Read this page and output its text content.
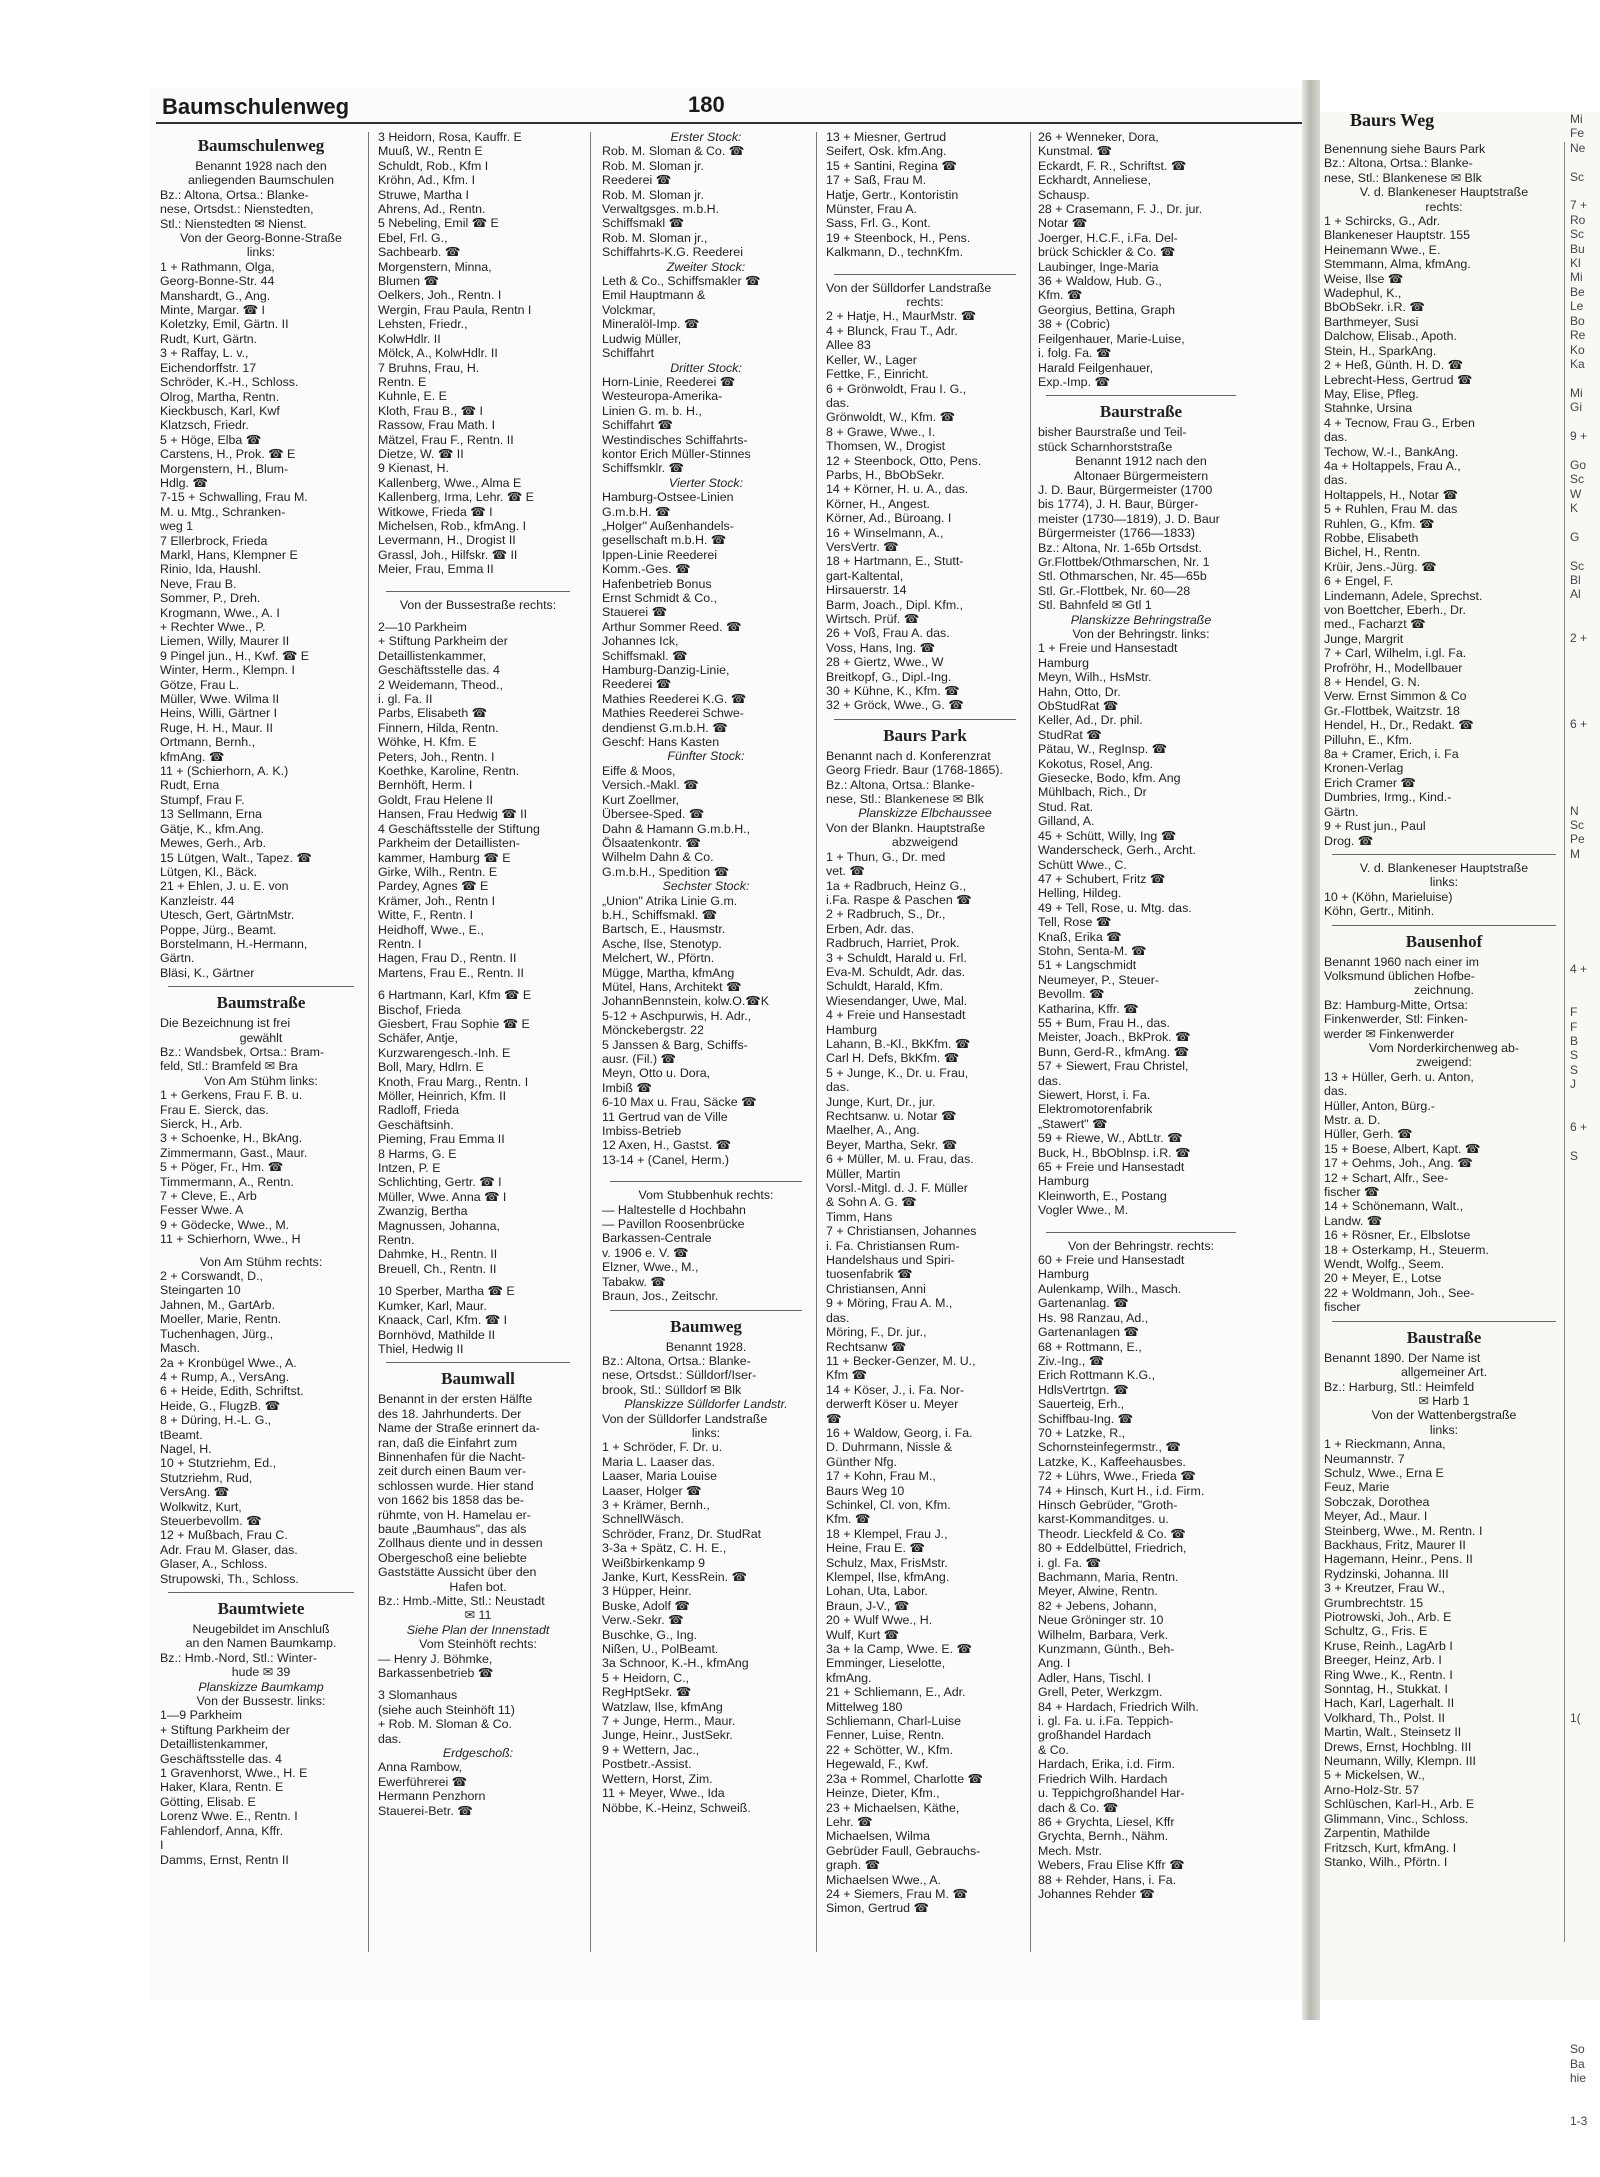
Baumschulenweg	180
Baumschulenweg
Benannt 1928 nach den
anliegenden Baumschulen
Bz.: Altona, Ortsa.: Blanke-
nese, Ortsdst.: Nienstedten,
Stl.: Nienstedten ✉ Nienst.
Von der Georg-Bonne-Straße
links:
1 + Rathmann, Olga,
Georg-Bonne-Str. 44
Manshardt, G., Ang.
Minte, Margar. ☎ I
Koletzky, Emil, Gärtn. II
Rudt, Kurt, Gärtn.
3 + Raffay, L. v.,
Eichendorffstr. 17
Schröder, K.-H., Schloss.
Olrog, Martha, Rentn.
Kieckbusch, Karl, Kwf
Klatzsch, Friedr.
5 + Höge, Elba ☎
Carstens, H., Prok. ☎ E
Morgenstern, H., Blum-
Hdlg. ☎
7-15 + Schwalling, Frau M.
M. u. Mtg., Schranken-
weg 1
7 Ellerbrock, Frieda
Markl, Hans, Klempner E
Rinio, Ida, Haushl.
Neve, Frau B.
Sommer, P., Dreh.
Krogmann, Wwe., A. I
+ Rechter Wwe., P.
Liemen, Willy, Maurer II
9 Pingel jun., H., Kwf. ☎ E
Winter, Herm., Klempn. I
Götze, Frau L.
Müller, Wwe. Wilma II
Heins, Willi, Gärtner I
Ruge, H. H., Maur. II
Ortmann, Bernh.,
kfmAng. ☎
11 + (Schierhorn, A. K.)
Rudt, Erna
Stumpf, Frau F.
13 Sellmann, Erna
Gätje, K., kfm.Ang.
Mewes, Gerh., Arb.
15 Lütgen, Walt., Tapez. ☎
Lütgen, Kl., Bäck.
21 + Ehlen, J. u. E. von
Kanzleistr. 44
Utesch, Gert, GärtnMstr.
Poppe, Jürg., Beamt.
Borstelmann, H.-Hermann,
Gärtn.
Bläsi, K., Gärtner
Baumstraße
Die Bezeichnung ist frei
gewählt
Bz.: Wandsbek, Ortsa.: Bram-
feld, Stl.: Bramfeld ✉ Bra
Von Am Stühm links:
1 + Gerkens, Frau F. B. u.
Frau E. Sierck, das.
Sierck, H., Arb.
3 + Schoenke, H., BkAng.
Zimmermann, Gast., Maur.
5 + Pöger, Fr., Hm. ☎
Timmermann, A., Rentn.
7 + Cleve, E., Arb
Fesser Wwe. A
9 + Gödecke, Wwe., M.
11 + Schierhorn, Wwe., H
Von Am Stühm rechts:
2 + Corswandt, D.,
Steingarten 10
Jahnen, M., GartArb.
Moeller, Marie, Rentn.
Tuchenhagen, Jürg.,
Masch.
2a + Kronbügel Wwe., A.
4 + Rump, A., VersAng.
6 + Heide, Edith, Schriftst.
Heide, G., FlugzB. ☎
8 + Düring, H.-L. G.,
tBeamt.
Nagel, H.
10 + Stutzriehm, Ed.,
Stutzriehm, Rud,
VersAng. ☎
Wolkwitz, Kurt,
Steuerbevollm. ☎
12 + Mußbach, Frau C.
Adr. Frau M. Glaser, das.
Glaser, A., Schloss.
Strupowski, Th., Schloss.
Baumtwiete
Neugebildet im Anschluß
an den Namen Baumkamp.
Bz.: Hmb.-Nord, Stl.: Winter-
hude ✉ 39
Planskizze Baumkamp
Von der Bussestr. links:
1—9 Parkheim
+ Stiftung Parkheim der
Detaillistenkammer,
Geschäftsstelle das. 4
1 Gravenhorst, Wwe., H. E
Haker, Klara, Rentn. E
Götting, Elisab. E
Lorenz Wwe. E., Rentn. I
Fahlendorf, Anna, Kffr.
I
Damms, Ernst, Rentn II
3 Heidorn, Rosa, Kauffr. E
Muuß, W., Rentn E
Schuldt, Rob., Kfm I
Kröhn, Ad., Kfm. I
Struwe, Martha I
Ahrens, Ad., Rentn.
5 Nebeling, Emil ☎ E
Ebel, Frl. G.,
Sachbearb. ☎
Morgenstern, Minna,
Blumen ☎
Oelkers, Joh., Rentn. I
Wergin, Frau Paula, Rentn I
Lehsten, Friedr.,
KolwHdlr. II
Mölck, A., KolwHdlr. II
7 Bruhns, Frau, H.
Rentn. E
Kuhnle, E. E
Kloth, Frau B., ☎ I
Rassow, Frau Math. I
Mätzel, Frau F., Rentn. II
Dietze, W. ☎ II
9 Kienast, H.
Kallenberg, Wwe., Alma E
Kallenberg, Irma, Lehr. ☎ E
Witkowe, Frieda ☎ I
Michelsen, Rob., kfmAng. I
Levermann, H., Drogist II
Grassl, Joh., Hilfskr. ☎ II
Meier, Frau, Emma II
Von der Bussestraße rechts:
2—10 Parkheim
+ Stiftung Parkheim der
Detaillistenkammer,
Geschäftsstelle das. 4
2 Weidemann, Theod.,
i. gl. Fa. II
Parbs, Elisabeth ☎
Finnern, Hilda, Rentn.
Wöhke, H. Kfm. E
Peters, Joh., Rentn. I
Koethke, Karoline, Rentn.
Bernhöft, Herm. I
Goldt, Frau Helene II
Hansen, Frau Hedwig ☎ II
4 Geschäftsstelle der Stiftung
Parkheim der Detaillisten-
kammer, Hamburg ☎ E
Girke, Wilh., Rentn. E
Pardey, Agnes ☎ E
Krämer, Joh., Rentn I
Witte, F., Rentn. I
Heidhoff, Wwe., E.,
Rentn. I
Hagen, Frau D., Rentn. II
Martens, Frau E., Rentn. II
6 Hartmann, Karl, Kfm ☎ E
Bischof, Frieda
Giesbert, Frau Sophie ☎ E
Schäfer, Antje,
Kurzwarengesch.-Inh. E
Boll, Mary, Hdlrn. E
Knoth, Frau Marg., Rentn. I
Möller, Heinrich, Kfm. II
Radloff, Frieda
Geschäftsinh.
Pieming, Frau Emma II
8 Harms, G. E
Intzen, P. E
Schlichting, Gertr. ☎ I
Müller, Wwe. Anna ☎ I
Zwanzig, Bertha
Magnussen, Johanna,
Rentn.
Dahmke, H., Rentn. II
Breuell, Ch., Rentn. II
10 Sperber, Martha ☎ E
Kumker, Karl, Maur.
Knaack, Carl, Kfm. ☎ I
Bornhövd, Mathilde II
Thiel, Hedwig II
Baumwall
Benannt in der ersten Hälfte
des 18. Jahrhunderts. Der
Name der Straße erinnert da-
ran, daß die Einfahrt zum
Binnenhafen für die Nacht-
zeit durch einen Baum ver-
schlossen wurde. Hier stand
von 1662 bis 1858 das be-
rühmte, von H. Hamelau er-
baute „Baumhaus", das als
Zollhaus diente und in dessen
Obergeschoß eine beliebte
Gaststätte Aussicht über den
Hafen bot.
Bz.: Hmb.-Mitte, Stl.: Neustadt
✉ 11
Siehe Plan der Innenstadt
Vom Steinhöft rechts:
— Henry J. Böhmke,
Barkassenbetrieb ☎
3 Slomanhaus
(siehe auch Steinhöft 11)
+ Rob. M. Sloman & Co.
das.
Erdgeschoß:
Anna Rambow,
Ewerführerei ☎
Hermann Penzhorn
Stauerei-Betr. ☎
Erster Stock:
Rob. M. Sloman & Co. ☎
Rob. M. Sloman jr.
Reederei ☎
Rob. M. Sloman jr.
Verwaltgsges. m.b.H.
Schiffsmakl ☎
Rob. M. Sloman jr.,
Schiffahrts-K.G. Reederei
Zweiter Stock:
Leth & Co., Schiffsmakler ☎
Emil Hauptmann &
Volckmar,
Mineralöl-Imp. ☎
Ludwig Müller,
Schiffahrt
Dritter Stock:
Horn-Linie, Reederei ☎
Westeuropa-Amerika-
Linien G. m. b. H.,
Schiffahrt ☎
Westindisches Schiffahrts-
kontor Erich Müller-Stinnes
Schiffsmklr. ☎
Vierter Stock:
Hamburg-Ostsee-Linien
G.m.b.H. ☎
„Holger" Außenhandels-
gesellschaft m.b.H. ☎
Ippen-Linie Reederei
Komm.-Ges. ☎
Hafenbetrieb Bonus
Ernst Schmidt & Co.,
Stauerei ☎
Arthur Sommer Reed. ☎
Johannes Ick,
Schiffsmakl. ☎
Hamburg-Danzig-Linie,
Reederei ☎
Mathies Reederei K.G. ☎
Mathies Reederei Schwe-
dendienst G.m.b.H. ☎
Geschf: Hans Kasten
Fünfter Stock:
Eiffe & Moos,
Versich.-Makl. ☎
Kurt Zoellmer,
Übersee-Sped. ☎
Dahn & Hamann G.m.b.H.,
Ölsaatenkontr. ☎
Wilhelm Dahn & Co.
G.m.b.H., Spedition ☎
Sechster Stock:
„Union" Atrika Linie G.m.
b.H., Schiffsmakl. ☎
Bartsch, E., Hausmstr.
Asche, Ilse, Stenotyp.
Melchert, W., Pförtn.
Mügge, Martha, kfmAng
Mütel, Hans, Architekt ☎
JohannBennstein, kolw.O.☎K
5-12 + Aschpurwis, H. Adr.,
Mönckebergstr. 22
5 Janssen & Barg, Schiffs-
ausr. (Fil.) ☎
Meyn, Otto u. Dora,
Imbiß ☎
6-10 Max u. Frau, Säcke ☎
11 Gertrud van de Ville
Imbiss-Betrieb
12 Axen, H., Gastst. ☎
13-14 + (Canel, Herm.)
Vom Stubbenhuk rechts:
— Haltestelle d Hochbahn
— Pavillon Roosenbrücke
Barkassen-Centrale
v. 1906 e. V. ☎
Elzner, Wwe., M.,
Tabakw. ☎
Braun, Jos., Zeitschr.
Baumweg
Benannt 1928.
Bz.: Altona, Ortsa.: Blanke-
nese, Ortsdst.: Sülldorf/Iser-
brook, Stl.: Sülldorf ✉ Blk
Planskizze Sülldorfer Landstr.
Von der Sülldorfer Landstraße
links:
1 + Schröder, F. Dr. u.
Maria L. Laaser das.
Laaser, Maria Louise
Laaser, Holger ☎
3 + Krämer, Bernh.,
SchnellWäsch.
Schröder, Franz, Dr. StudRat
3-3a + Spätz, C. H. E.,
Weißbirkenkamp 9
Janke, Kurt, KessRein. ☎
3 Hüpper, Heinr.
Buske, Adolf ☎
Verw.-Sekr. ☎
Buschke, G., Ing.
Nißen, U., PolBeamt.
3a Schnoor, K.-H., kfmAng
5 + Heidorn, C.,
RegHptSekr. ☎
Watzlaw, Ilse, kfmAng
7 + Junge, Herm., Maur.
Junge, Heinr., JustSekr.
9 + Wettern, Jac.,
Postbetr.-Assist.
Wettern, Horst, Zim.
11 + Meyer, Wwe., Ida
Nöbbe, K.-Heinz, Schweiß.
13 + Miesner, Gertrud
Seifert, Osk. kfm.Ang.
15 + Santini, Regina ☎
17 + Saß, Frau M.
Hatje, Gertr., Kontoristin
Münster, Frau A.
Sass, Frl. G., Kont.
19 + Steenbock, H., Pens.
Kalkmann, D., technKfm.
Von der Sülldorfer Landstraße
rechts:
2 + Hatje, H., MaurMstr. ☎
4 + Blunck, Frau T., Adr.
Allee 83
Keller, W., Lager
Fettke, F., Einricht.
6 + Grönwoldt, Frau I. G.,
das.
Grönwoldt, W., Kfm. ☎
8 + Grawe, Wwe., I.
Thomsen, W., Drogist
12 + Steenbock, Otto, Pens.
Parbs, H., BbObSekr.
14 + Körner, H. u. A., das.
Körner, H., Angest.
Körner, Ad., Büroang. I
16 + Winselmann, A.,
VersVertr. ☎
18 + Hartmann, E., Stutt-
gart-Kaltental,
Hirsauerstr. 14
Barm, Joach., Dipl. Kfm.,
Wirtsch. Prüf. ☎
26 + Voß, Frau A. das.
Voss, Hans, Ing. ☎
28 + Giertz, Wwe., W
Breitkopf, G., Dipl.-Ing.
30 + Kühne, K., Kfm. ☎
32 + Gröck, Wwe., G. ☎
Baurs Park
Benannt nach d. Konferenzrat
Georg Friedr. Baur (1768-1865).
Bz.: Altona, Ortsa.: Blanke-
nese, Stl.: Blankenese ✉ Blk
Planskizze Elbchaussee
Von der Blankn. Hauptstraße
abzweigend
1 + Thun, G., Dr. med
vet. ☎
1a + Radbruch, Heinz G.,
i.Fa. Raspe & Paschen ☎
2 + Radbruch, S., Dr.,
Erben, Adr. das.
Radbruch, Harriet, Prok.
3 + Schuldt, Harald u. Frl.
Eva-M. Schuldt, Adr. das.
Schuldt, Harald, Kfm.
Wiesendanger, Uwe, Mal.
4 + Freie und Hansestadt
Hamburg
Lahann, B.-Kl., BkKfm. ☎
Carl H. Defs, BkKfm. ☎
5 + Junge, K., Dr. u. Frau,
das.
Junge, Kurt, Dr., jur.
Rechtsanw. u. Notar ☎
Maelher, A., Ang.
Beyer, Martha, Sekr. ☎
6 + Müller, M. u. Frau, das.
Müller, Martin
Vorsl.-Mitgl. d. J. F. Müller
& Sohn A. G. ☎
Timm, Hans
7 + Christiansen, Johannes
i. Fa. Christiansen Rum-
Handelshaus und Spiri-
tuosenfabrik ☎
Christiansen, Anni
9 + Möring, Frau A. M.,
das.
Möring, F., Dr. jur.,
Rechtsanw ☎
11 + Becker-Genzer, M. U.,
Kfm ☎
14 + Köser, J., i. Fa. Nor-
derwerft Köser u. Meyer
☎
16 + Waldow, Georg, i. Fa.
D. Duhrmann, Nissle &
Günther Nfg.
17 + Kohn, Frau M.,
Baurs Weg 10
Schinkel, Cl. von, Kfm.
Kfm. ☎
18 + Klempel, Frau J.,
Heine, Frau E. ☎
Schulz, Max, FrisMstr.
Klempel, Ilse, kfmAng.
Lohan, Uta, Labor.
Braun, J-V., ☎
20 + Wulf Wwe., H.
Wulf, Kurt ☎
3a + la Camp, Wwe. E. ☎
Emminger, Lieselotte,
kfmAng.
21 + Schliemann, E., Adr.
Mittelweg 180
Schliemann, Charl-Luise
Fenner, Luise, Rentn.
22 + Schötter, W., Kfm.
Hegewald, F., Kwf.
23a + Rommel, Charlotte ☎
Heinze, Dieter, Kfm.,
23 + Michaelsen, Käthe,
Lehr. ☎
Michaelsen, Wilma
Gebrüder Faull, Gebrauchs-
graph. ☎
Michaelsen Wwe., A.
24 + Siemers, Frau M. ☎
Simon, Gertrud ☎
26 + Wenneker, Dora,
Kunstmal. ☎
Eckardt, F. R., Schriftst. ☎
Eckhardt, Anneliese,
Schausp.
28 + Crasemann, F. J., Dr. jur.
Notar ☎
Joerger, H.C.F., i.Fa. Del-
brück Schickler & Co. ☎
Laubinger, Inge-Maria
36 + Waldow, Hub. G.,
Kfm. ☎
Georgius, Bettina, Graph
38 + (Cobric)
Feilgenhauer, Marie-Luise,
i. folg. Fa. ☎
Harald Feilgenhauer,
Exp.-Imp. ☎
Baurstraße
bisher Baurstraße und Teil-
stück Scharnhorststraße
Benannt 1912 nach den
Altonaer Bürgermeistern
J. D. Baur, Bürgermeister (1700
bis 1774), J. H. Baur, Bürger-
meister (1730—1819), J. D. Baur
Bürgermeister (1766—1833)
Bz.: Altona, Nr. 1-65b Ortsdst.
Gr.Flottbek/Othmarschen, Nr. 1
Stl. Othmarschen, Nr. 45—65b
Stl. Gr.-Flottbek, Nr. 60—28
Stl. Bahnfeld ✉ Gtl 1
Planskizze Behringstraße
Von der Behringstr. links:
1 + Freie und Hansestadt
Hamburg
Meyn, Wilh., HsMstr.
Hahn, Otto, Dr.
ObStudRat ☎
Keller, Ad., Dr. phil.
StudRat ☎
Pätau, W., RegInsp. ☎
Kokotus, Rosel, Ang.
Giesecke, Bodo, kfm. Ang
Mühlbach, Rich., Dr
Stud. Rat.
Gilland, A.
45 + Schütt, Willy, Ing ☎
Wanderscheck, Gerh., Archt.
Schütt Wwe., C.
47 + Schubert, Fritz ☎
Helling, Hildeg.
49 + Tell, Rose, u. Mtg. das.
Tell, Rose ☎
Knaß, Erika ☎
Stohn, Senta-M. ☎
51 + Langschmidt
Neumeyer, P., Steuer-
Bevollm. ☎
Katharina, Kffr. ☎
55 + Bum, Frau H., das.
Meister, Joach., BkProk. ☎
Bunn, Gerd-R., kfmAng. ☎
57 + Siewert, Frau Christel,
das.
Siewert, Horst, i. Fa.
Elektromotorenfabrik
„Stawert" ☎
59 + Riewe, W., AbtLtr. ☎
Buck, H., BbOblnsp. i.R. ☎
65 + Freie und Hansestadt
Hamburg
Kleinworth, E., Postang
Vogler Wwe., M.
Von der Behringstr. rechts:
60 + Freie und Hansestadt
Hamburg
Aulenkamp, Wilh., Masch.
Gartenanlag. ☎
Hs. 98 Ranzau, Ad.,
Gartenanlagen ☎
68 + Rottmann, E.,
Ziv.-Ing., ☎
Erich Rottmann K.G.,
HdlsVertrtgn. ☎
Sauerteig, Erh.,
Schiffbau-Ing. ☎
70 + Latzke, R.,
Schornsteinfegermstr., ☎
Latzke, K., Kaffeehausbes.
72 + Lührs, Wwe., Frieda ☎
74 + Hinsch, Kurt H., i.d. Firm.
Hinsch Gebrüder, "Groth-
karst-Kommanditges. u.
Theodr. Lieckfeld & Co. ☎
80 + Eddelbüttel, Friedrich,
i. gl. Fa. ☎
Bachmann, Maria, Rentn.
Meyer, Alwine, Rentn.
82 + Jebens, Johann,
Neue Gröninger str. 10
Wilhelm, Barbara, Verk.
Kunzmann, Günth., Beh-
Ang. I
Adler, Hans, Tischl. I
Grell, Peter, Werkzgm.
84 + Hardach, Friedrich Wilh.
i. gl. Fa. u. i.Fa. Teppich-
großhandel Hardach
& Co.
Hardach, Erika, i.d. Firm.
Friedrich Wilh. Hardach
u. Teppichgroßhandel Har-
dach & Co. ☎
86 + Grychta, Liesel, Kffr
Grychta, Bernh., Nähm.
Mech. Mstr.
Webers, Frau Elise Kffr ☎
88 + Rehder, Hans, i. Fa.
Johannes Rehder ☎
Baurs Weg
Benennung siehe Baurs Park
Bz.: Altona, Ortsa.: Blanke-
nese, Stl.: Blankenese ✉ Blk
V. d. Blankeneser Hauptstraße
rechts:
1 + Schircks, G., Adr.
Blankeneser Hauptstr. 155
Heinemann Wwe., E.
Stemmann, Alma, kfmAng.
Weise, Ilse ☎
Wadephul, K.,
BbObSekr. i.R. ☎
Barthmeyer, Susi
Dalchow, Elisab., Apoth.
Stein, H., SparkAng.
2 + Heß, Günth. H. D. ☎
Lebrecht-Hess, Gertrud ☎
May, Elise, Pfleg.
Stahnke, Ursina
4 + Tecnow, Frau G., Erben
das.
Techow, W.-I., BankAng.
4a + Holtappels, Frau A.,
das.
Holtappels, H., Notar ☎
5 + Ruhlen, Frau M. das
Ruhlen, G., Kfm. ☎
Robbe, Elisabeth
Bichel, H., Rentn.
Krüir, Jens.-Jürg. ☎
6 + Engel, F.
Lindemann, Adele, Sprechst.
von Boettcher, Eberh., Dr.
med., Facharzt ☎
Junge, Margrit
7 + Carl, Wilhelm, i.gl. Fa.
Profröhr, H., Modellbauer
8 + Hendel, G. N.
Verw. Ernst Simmon & Co
Gr.-Flottbek, Waitzstr. 18
Hendel, H., Dr., Redakt. ☎
Pilluhn, E., Kfm.
8a + Cramer, Erich, i. Fa
Kronen-Verlag
Erich Cramer ☎
Dumbries, Irmg., Kind.-
Gärtn.
9 + Rust jun., Paul
Drog. ☎
V. d. Blankeneser Hauptstraße
links:
10 + (Köhn, Marieluise)
Köhn, Gertr., Mitinh.
Bausenhof
Benannt 1960 nach einer im
Volksmund üblichen Hofbe-
zeichnung.
Bz: Hamburg-Mitte, Ortsa:
Finkenwerder, Stl: Finken-
werder ✉ Finkenwerder
Vom Norderkirchenweg ab-
zweigend:
13 + Hüller, Gerh. u. Anton,
das.
Hüller, Anton, Bürg.-
Mstr. a. D.
Hüller, Gerh. ☎
15 + Boese, Albert, Kapt. ☎
17 + Oehms, Joh., Ang. ☎
12 + Schart, Alfr., See-
fischer ☎
14 + Schönemann, Walt.,
Landw. ☎
16 + Rösner, Er., Elbslotse
18 + Osterkamp, H., Steuerm.
Wendt, Wolfg., Seem.
20 + Meyer, E., Lotse
22 + Woldmann, Joh., See-
fischer
Baustraße
Benannt 1890. Der Name ist
allgemeiner Art.
Bz.: Harburg, Stl.: Heimfeld
✉ Harb 1
Von der Wattenbergstraße
links:
1 + Rieckmann, Anna,
Neumannstr. 7
Schulz, Wwe., Erna E
Feuz, Marie
Sobczak, Dorothea
Meyer, Ad., Maur. I
Steinberg, Wwe., M. Rentn. I
Backhaus, Fritz, Maurer II
Hagemann, Heinr., Pens. II
Rydzinski, Johanna. III
3 + Kreutzer, Frau W.,
Grumbrechtstr. 15
Piotrowski, Joh., Arb. E
Schultz, G., Fris. E
Kruse, Reinh., LagArb I
Breeger, Heinz, Arb. I
Ring Wwe., K., Rentn. I
Sonntag, H., Stukkat. I
Hach, Karl, Lagerhalt. II
Volkhard, Th., Polst. II
Martin, Walt., Steinsetz II
Drews, Ernst, Hochblng. III
Neumann, Willy, Klempn. III
5 + Mickelsen, W.,
Arno-Holz-Str. 57
Schlüschen, Karl-H., Arb. E
Glimmann, Vinc., Schloss.
Zarpentin, Mathilde
Fritzsch, Kurt, kfmAng. I
Stanko, Wilh., Pförtn. I
Mi
Fe
Ne

Sc

7 +
Ro
Sc
Bu
Kl
Mi
Be
Le
Bo
Re
Ko
Ka

Mi
Gi

9 +

Go
Sc
W
K

G

Sc
Bl
Al

2 +

6 +

N
Sc
Pe
M

4 +

F
F
B
S
S
J

6 +

S

1(

So
Ba
hie

1-3
